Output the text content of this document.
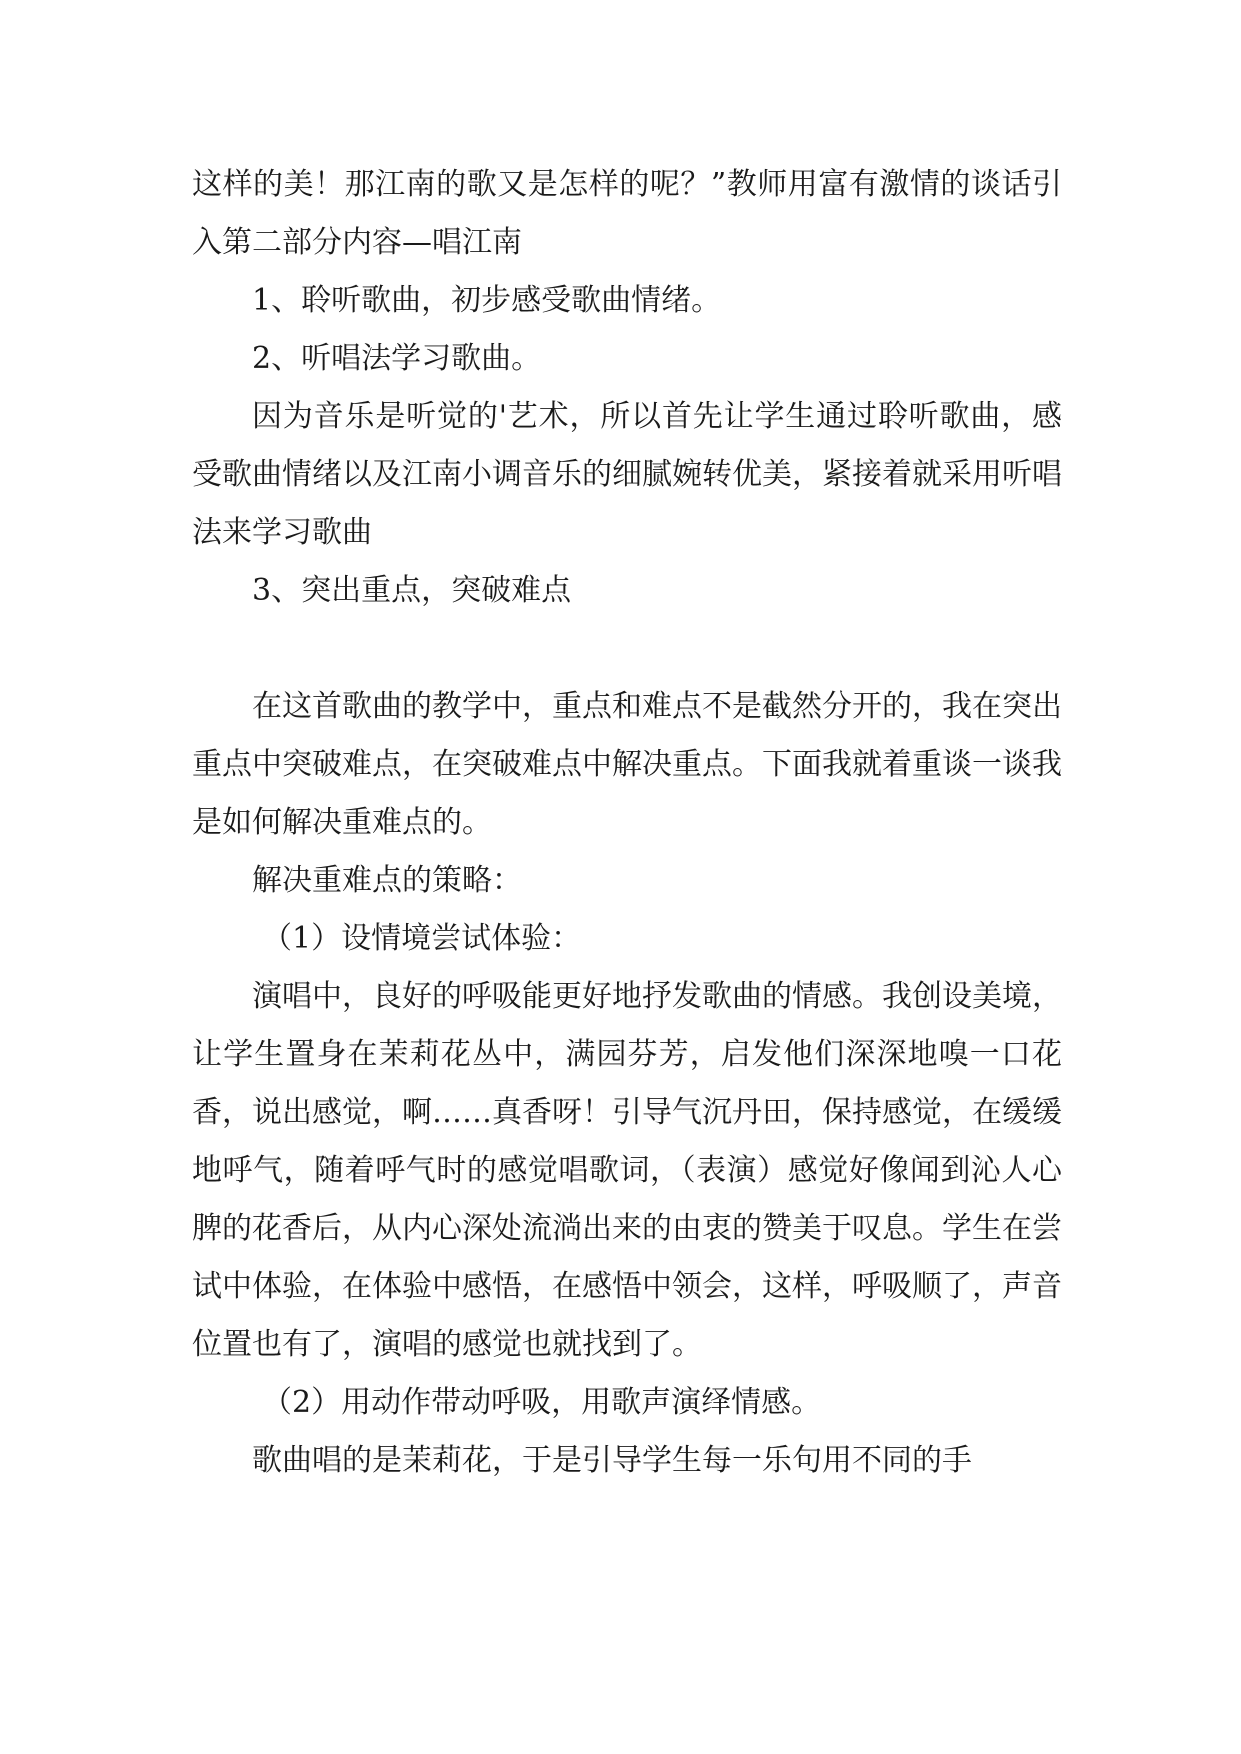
这样的美！那江南的歌又是怎样的呢？”教师用富有激情的谈话引入第二部分内容—唱江南

1、聆听歌曲，初步感受歌曲情绪。

2、听唱法学习歌曲。

因为音乐是听觉的'艺术，所以首先让学生通过聆听歌曲，感受歌曲情绪以及江南小调音乐的细腻婉转优美，紧接着就采用听唱法来学习歌曲

3、突出重点，突破难点

在这首歌曲的教学中，重点和难点不是截然分开的，我在突出重点中突破难点，在突破难点中解决重点。下面我就着重谈一谈我是如何解决重难点的。

解决重难点的策略：

（1）设情境尝试体验：

演唱中，良好的呼吸能更好地抒发歌曲的情感。我创设美境，让学生置身在茉莉花丛中，满园芬芳，启发他们深深地嗅一口花香，说出感觉，啊……真香呀！引导气沉丹田，保持感觉，在缓缓地呼气，随着呼气时的感觉唱歌词，（表演）感觉好像闻到沁人心脾的花香后，从内心深处流淌出来的由衷的赞美于叹息。学生在尝试中体验，在体验中感悟，在感悟中领会，这样，呼吸顺了，声音位置也有了，演唱的感觉也就找到了。

（2）用动作带动呼吸，用歌声演绎情感。

歌曲唱的是茉莉花，于是引导学生每一乐句用不同的手
